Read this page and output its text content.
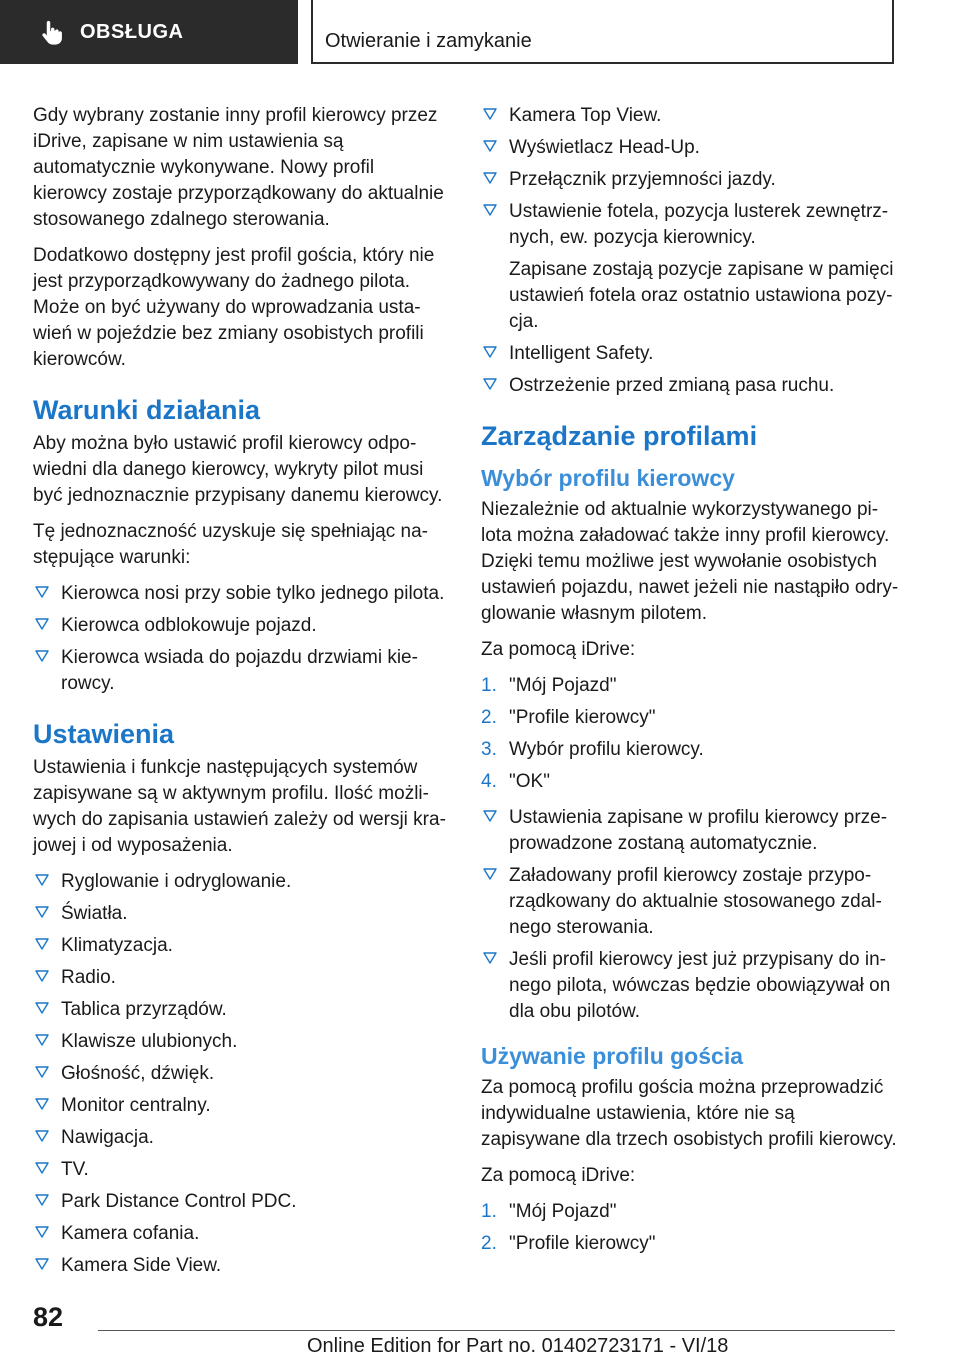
OBSŁUGA	Otwieranie i zamykanie

Gdy wybrany zostanie inny profil kierowcy przez iDrive, zapisane w nim ustawienia są automatycznie wykonywane. Nowy profil kierowcy zostaje przyporządkowany do aktualnie stosowanego zdalnego sterowania.

Dodatkowo dostępny jest profil gościa, który nie jest przyporządkowywany do żadnego pilota. Może on być używany do wprowadzania ustawień w pojeździe bez zmiany osobistych profili kierowców.

Warunki działania

Aby można było ustawić profil kierowcy odpowiedni dla danego kierowcy, wykryty pilot musi być jednoznacznie przypisany danemu kierowcy.

Tę jednoznaczność uzyskuje się spełniając następujące warunki:

Kierowca nosi przy sobie tylko jednego pilota.
Kierowca odblokowuje pojazd.
Kierowca wsiada do pojazdu drzwiami kierowcy.
Ustawienia

Ustawienia i funkcje następujących systemów zapisywane są w aktywnym profilu. Ilość możliwych do zapisania ustawień zależy od wersji krajowej i od wyposażenia.

Ryglowanie i odryglowanie.
Światła.
Klimatyzacja.
Radio.
Tablica przyrządów.
Klawisze ulubionych.
Głośność, dźwięk.
Monitor centralny.
Nawigacja.
TV.
Park Distance Control PDC.
Kamera cofania.
Kamera Side View.
Kamera Top View.
Wyświetlacz Head-Up.
Przełącznik przyjemności jazdy.
Ustawienie fotela, pozycja lusterek zewnętrznych, ew. pozycja kierownicy.
Zapisane zostają pozycje zapisane w pamięci ustawień fotela oraz ostatnio ustawiona pozycja.
Intelligent Safety.
Ostrzeżenie przed zmianą pasa ruchu.
Zarządzanie profilami
Wybór profilu kierowcy

Niezależnie od aktualnie wykorzystywanego pilota można załadować także inny profil kierowcy. Dzięki temu możliwe jest wywołanie osobistych ustawień pojazdu, nawet jeżeli nie nastąpiło odryglowanie własnym pilotem.

Za pomocą iDrive:

1. "Mój Pojazd"
2. "Profile kierowcy"
3. Wybór profilu kierowcy.
4. "OK"
Ustawienia zapisane w profilu kierowcy przeprowadzone zostaną automatycznie.
Załadowany profil kierowcy zostaje przyporządkowany do aktualnie stosowanego zdalnego sterowania.
Jeśli profil kierowcy jest już przypisany do innego pilota, wówczas będzie obowiązywał on dla obu pilotów.
Używanie profilu gościa

Za pomocą profilu gościa można przeprowadzić indywidualne ustawienia, które nie są zapisywane dla trzech osobistych profili kierowcy.

Za pomocą iDrive:

1. "Mój Pojazd"
2. "Profile kierowcy"
82
Online Edition for Part no. 01402723171 - VI/18
